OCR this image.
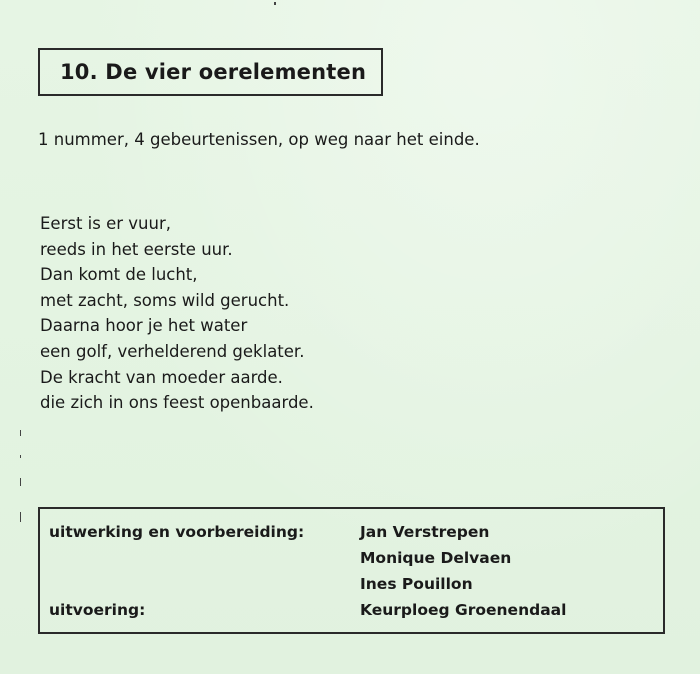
10. De vier oerelementen
1 nummer, 4 gebeurtenissen, op weg naar het einde.
Eerst is er vuur,
reeds in het eerste uur.
Dan komt de lucht,
met zacht, soms wild gerucht.
Daarna hoor je het water
een golf, verhelderend geklater.
De kracht van moeder aarde.
die zich in ons feest openbaarde.
uitwerking en voorbereiding:	Jan Verstrepen
Monique Delvaen
Ines Pouillon
uitvoering:	Keurploeg Groenendaal
